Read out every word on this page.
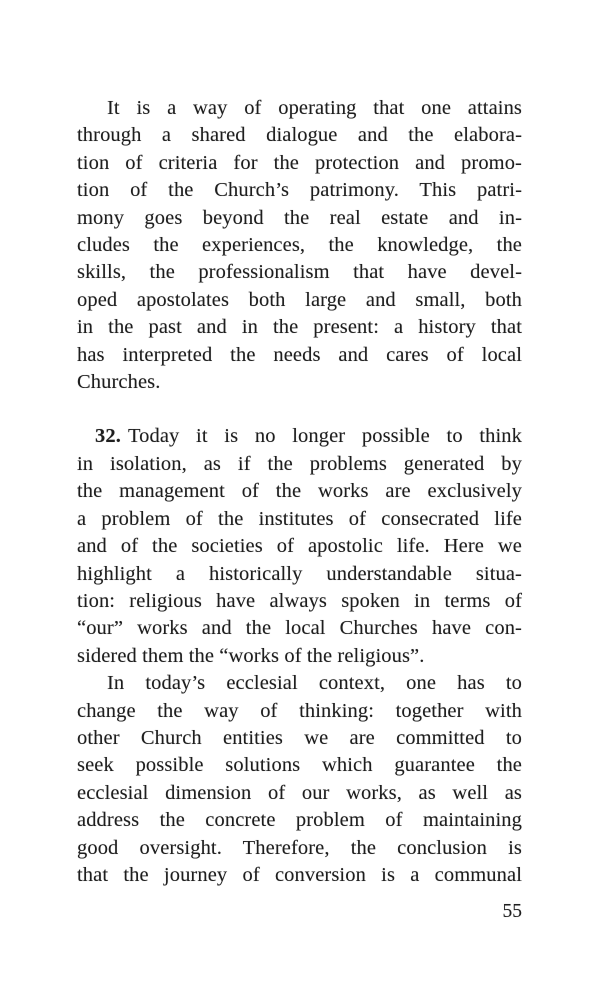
It is a way of operating that one attains
through a shared dialogue and the elabora-
tion of criteria for the protection and promo-
tion of the Church’s patrimony. This patri-
mony goes beyond the real estate and in-
cludes the experiences, the knowledge, the
skills, the professionalism that have devel-
oped apostolates both large and small, both
in the past and in the present: a history that
has interpreted the needs and cares of local
Churches.

32. Today it is no longer possible to think
in isolation, as if the problems generated by
the management of the works are exclusively
a problem of the institutes of consecrated life
and of the societies of apostolic life. Here we
highlight a historically understandable situa-
tion: religious have always spoken in terms of
“our” works and the local Churches have con-
sidered them the “works of the religious”.

In today’s ecclesial context, one has to
change the way of thinking: together with
other Church entities we are committed to
seek possible solutions which guarantee the
ecclesial dimension of our works, as well as
address the concrete problem of maintaining
good oversight. Therefore, the conclusion is
that the journey of conversion is a communal

55
